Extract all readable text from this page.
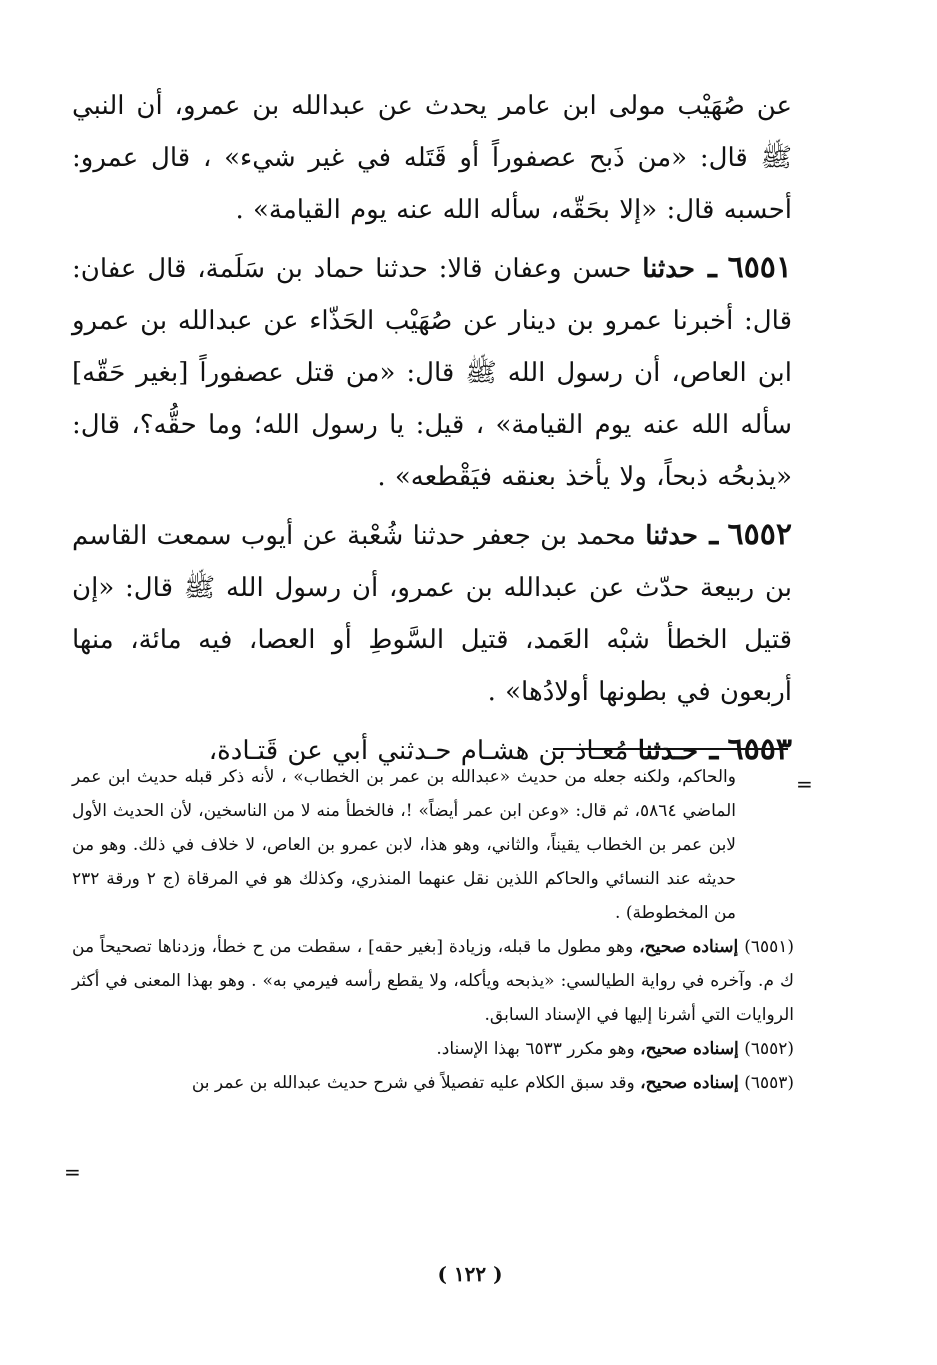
عن صُهَيْب مولى ابن عامر يحدث عن عبدالله بن عمرو، أن النبي ﷺ قال: «من ذَبح عصفوراً أو قَتَله في غير شيء» ، قال عمرو: أحسبه قال: «إلا بحَقّه، سأله الله عنه يوم القيامة» .

٦٥٥١ ـ حدثنا حسن وعفان قالا: حدثنا حماد بن سَلَمة، قال عفان: قال: أخبرنا عمرو بن دينار عن صُهَيْب الحَذّاء عن عبدالله بن عمرو ابن العاص، أن رسول الله ﷺ قال: «من قتل عصفوراً [بغير حَقّه] سأله الله عنه يوم القيامة» ، قيل: يا رسول الله؛ وما حقُّه؟، قال: «يذبحُه ذبحاً، ولا يأخذ بعنقه فيَقْطعه» .

٦٥٥٢ ـ حدثنا محمد بن جعفر حدثنا شُعْبة عن أيوب سمعت القاسم بن ربيعة حدّث عن عبدالله بن عمرو، أن رسول الله ﷺ قال: «إن قتيل الخطأ شبْه العَمد، قتيل السَّوطِ أو العصا، فيه مائة، منها أربعون في بطونها أولادُها» .

٦٥٥٣ ـ حـدثنا مُعـاذ بن هشـام حـدثني أبي عن قَتـادة،

=

والحاكم، ولكنه جعله من حديث «عبدالله بن عمر بن الخطاب» ، لأنه ذكر قبله حديث ابن عمر الماضي ٥٨٦٤، ثم قال: «وعن ابن عمر أيضاً» !، فالخطأ منه لا من الناسخين، لأن الحديث الأول لابن عمر بن الخطاب يقيناً، والثاني، وهو هذا، لابن عمرو بن العاص، لا خلاف في ذلك. وهو من حديثه عند النسائي والحاكم اللذين نقل عنهما المنذري، وكذلك هو في المرقاة (ج ٢ ورقة ٢٣٢ من المخطوطة) .

(٦٥٥١) إسناده صحيح، وهو مطول ما قبله، وزيادة [بغير حقه] ، سقطت من ح خطأ، وزدناها تصحيحاً من ك م. وآخره في رواية الطيالسي: «يذبحه ويأكله، ولا يقطع رأسه فيرمي به» . وهو بهذا المعنى في أكثر الروايات التي أشرنا إليها في الإسناد السابق.

(٦٥٥٢) إسناده صحيح، وهو مكرر ٦٥٣٣ بهذا الإسناد.

(٦٥٥٣) إسناده صحيح، وقد سبق الكلام عليه تفصيلاً في شرح حديث عبدالله بن عمر بن

=
( ١٢٢ )
